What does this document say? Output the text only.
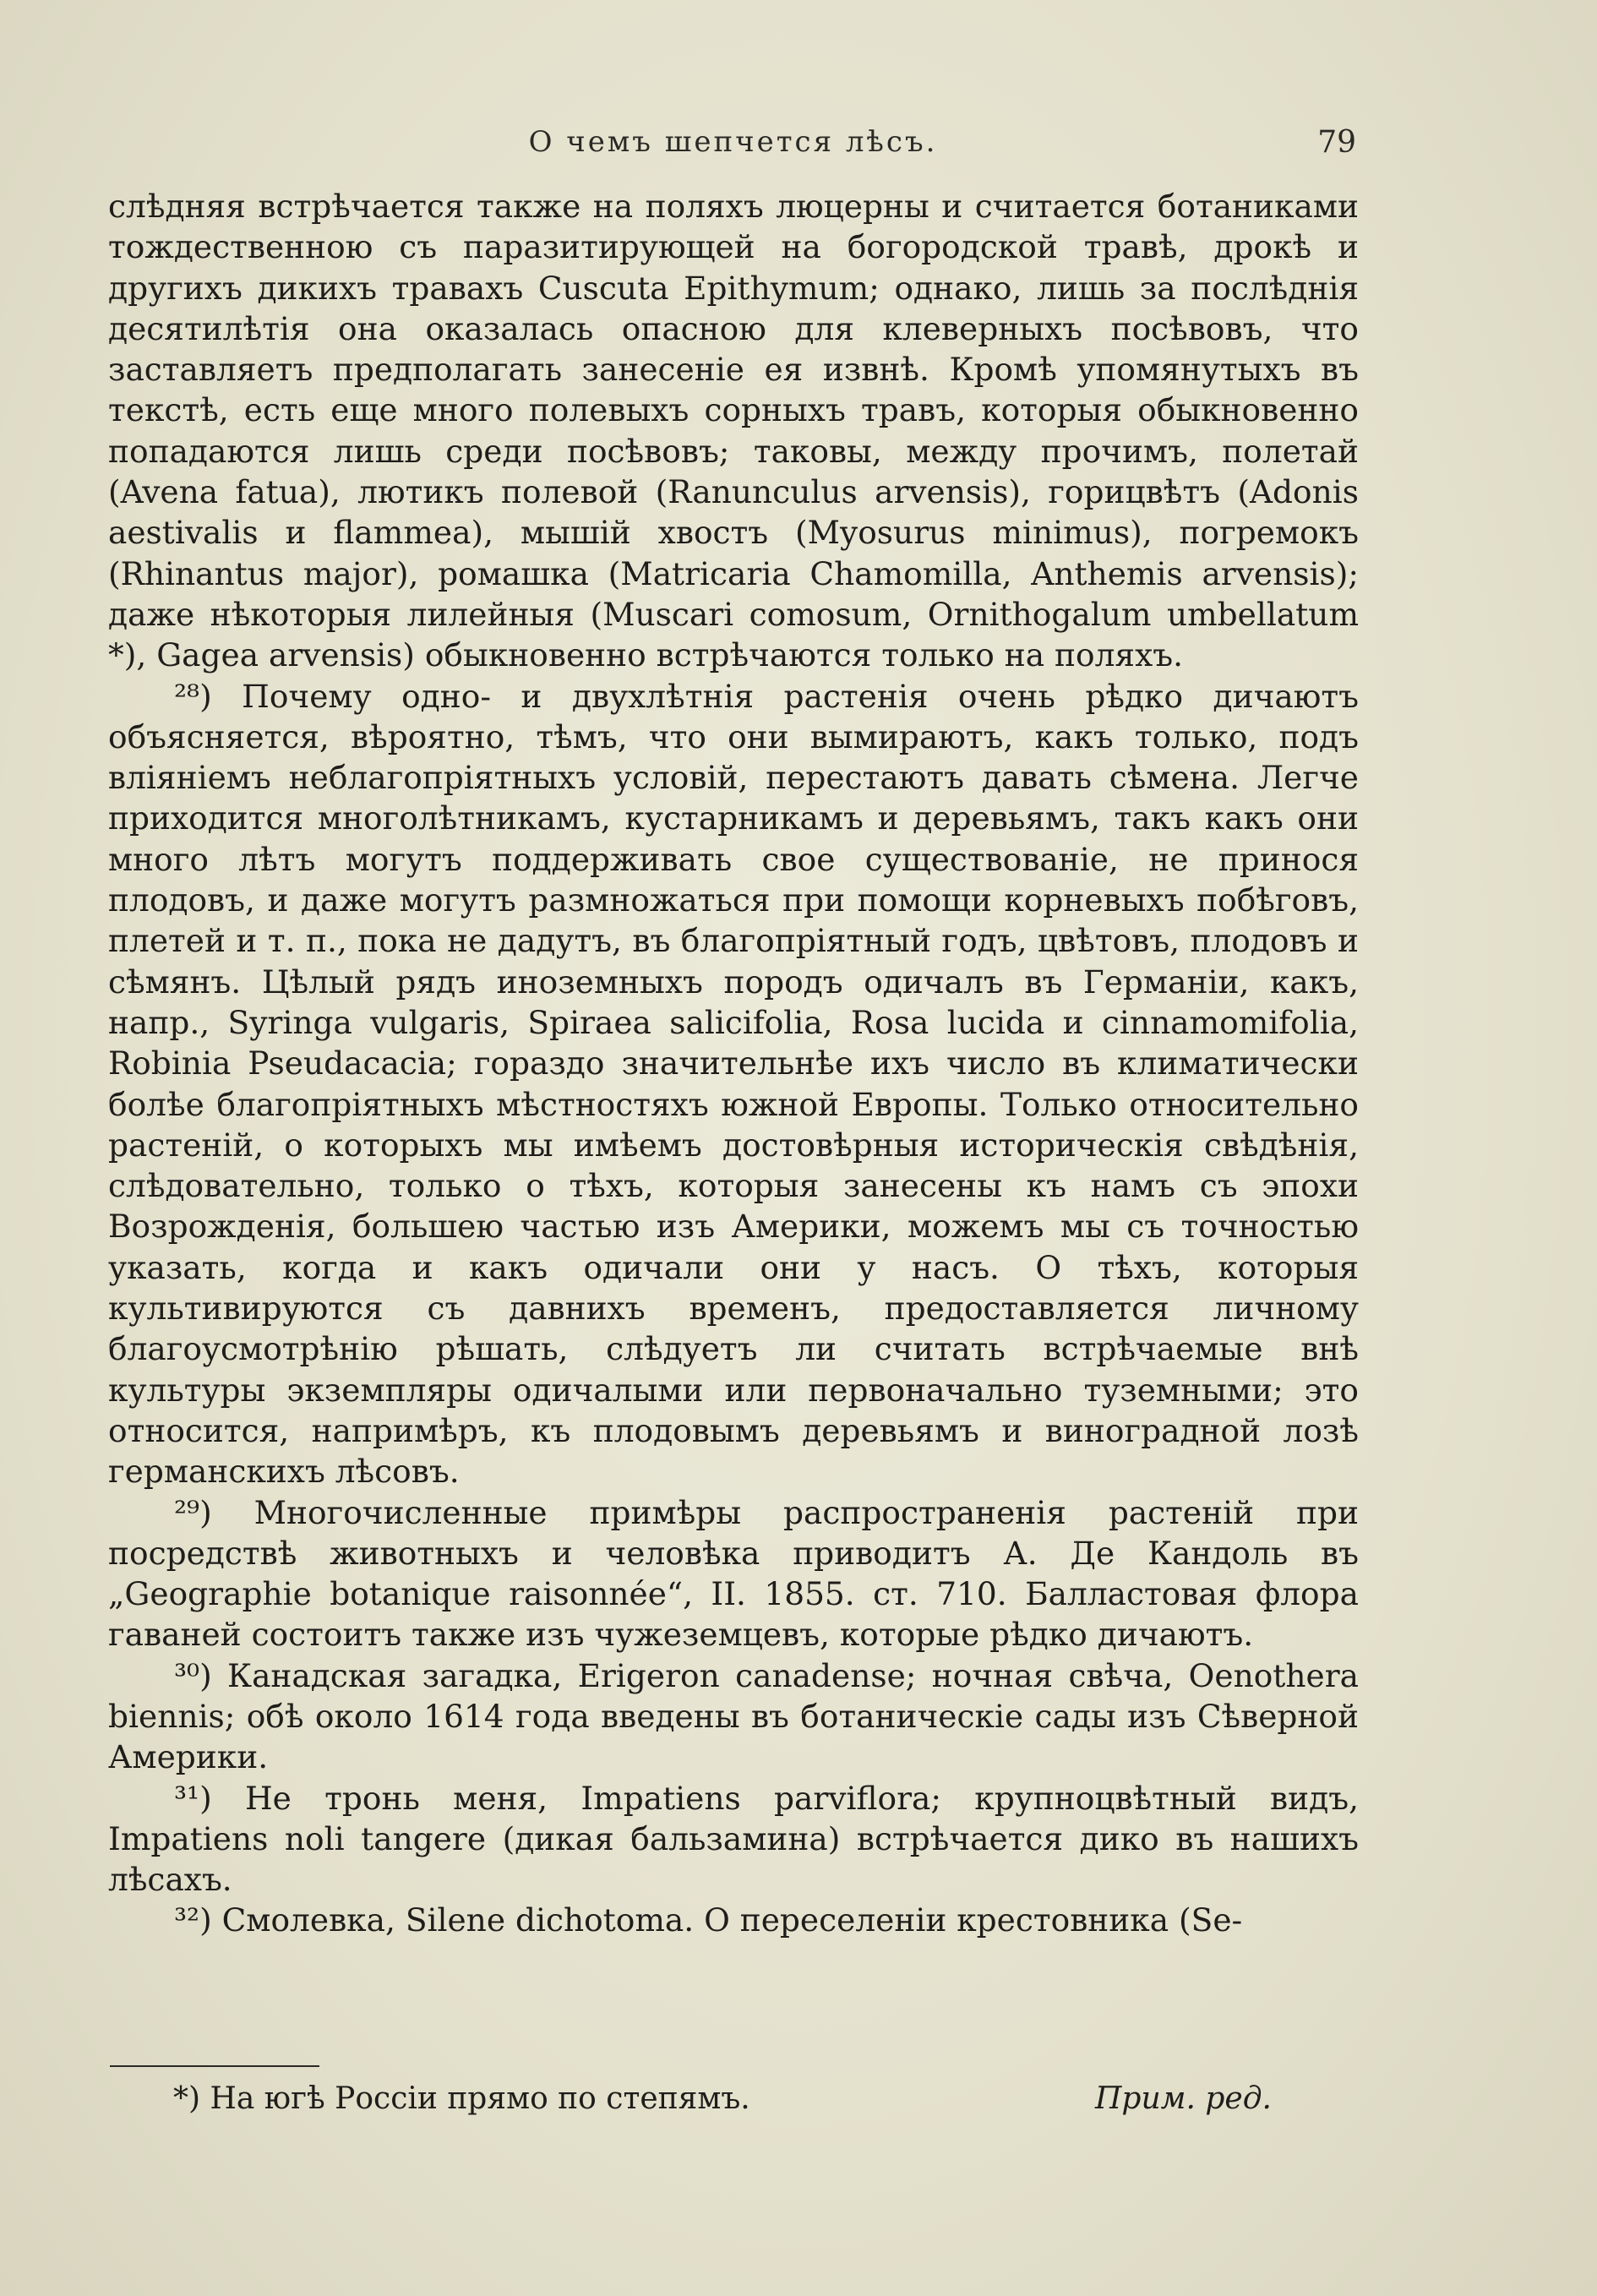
О чемъ шепчется лѣсъ.	79

слѣдняя встрѣчается также на поляхъ люцерны и считается ботаниками тождественною съ паразитирующей на богородской травѣ, дрокѣ и другихъ дикихъ травахъ Cuscuta Epithymum; однако, лишь за послѣднія десятилѣтія она оказалась опасною для клеверныхъ посѣвовъ, что заставляетъ предполагать занесеніе ея извнѣ. Кромѣ упомянутыхъ въ текстѣ, есть еще много полевыхъ сорныхъ травъ, которыя обыкновенно попадаются лишь среди посѣвовъ; таковы, между прочимъ, полетай (Avena fatua), лютикъ полевой (Ranunculus arvensis), горицвѣтъ (Adonis aestivalis и flammea), мышій хвостъ (Myosurus minimus), погремокъ (Rhinantus major), ромашка (Matricaria Chamomilla, Anthemis arvensis); даже нѣкоторыя лилейныя (Muscari comosum, Ornithogalum umbellatum *), Gagea arvensis) обыкновенно встрѣчаются только на поляхъ.

²⁸) Почему одно- и двухлѣтнія растенія очень рѣдко дичаютъ объясняется, вѣроятно, тѣмъ, что они вымираютъ, какъ только, подъ вліяніемъ неблагопріятныхъ условій, перестаютъ давать сѣмена. Легче приходится многолѣтникамъ, кустарникамъ и деревьямъ, такъ какъ они много лѣтъ могутъ поддерживать свое существованіе, не принося плодовъ, и даже могутъ размножаться при помощи корневыхъ побѣговъ, плетей и т. п., пока не дадутъ, въ благопріятный годъ, цвѣтовъ, плодовъ и сѣмянъ. Цѣлый рядъ иноземныхъ породъ одичалъ въ Германіи, какъ, напр., Syringa vulgaris, Spiraea salicifolia, Rosa lucida и cinnamomifolia, Robinia Pseudacacia; гораздо значительнѣе ихъ число въ климатически болѣе благопріятныхъ мѣстностяхъ южной Европы. Только относительно растеній, о которыхъ мы имѣемъ достовѣрныя историческія свѣдѣнія, слѣдовательно, только о тѣхъ, которыя занесены къ намъ съ эпохи Возрожденія, большею частью изъ Америки, можемъ мы съ точностью указать, когда и какъ одичали они у насъ. О тѣхъ, которыя культивируются съ давнихъ временъ, предоставляется личному благоусмотрѣнію рѣшать, слѣдуетъ ли считать встрѣчаемые внѣ культуры экземпляры одичалыми или первоначально туземными; это относится, напримѣръ, къ плодовымъ деревьямъ и виноградной лозѣ германскихъ лѣсовъ.

²⁹) Многочисленные примѣры распространенія растеній при посредствѣ животныхъ и человѣка приводитъ А. Де Кандоль въ „Geographie botanique raisonnée“, II. 1855. ст. 710. Балластовая флора гаваней состоитъ также изъ чужеземцевъ, которые рѣдко дичаютъ.

³⁰) Канадская загадка, Erigeron canadense; ночная свѣча, Oenothera biennis; обѣ около 1614 года введены въ ботаническіе сады изъ Сѣверной Америки.

³¹) Не тронь меня, Impatiens parviflora; крупноцвѣтный видъ, Impatiens noli tangere (дикая бальзамина) встрѣчается дико въ нашихъ лѣсахъ.

³²) Смолевка, Silene dichotoma. О переселеніи крестовника (Se-

*) На югѣ Россіи прямо по степямъ.	Прим. ред.
